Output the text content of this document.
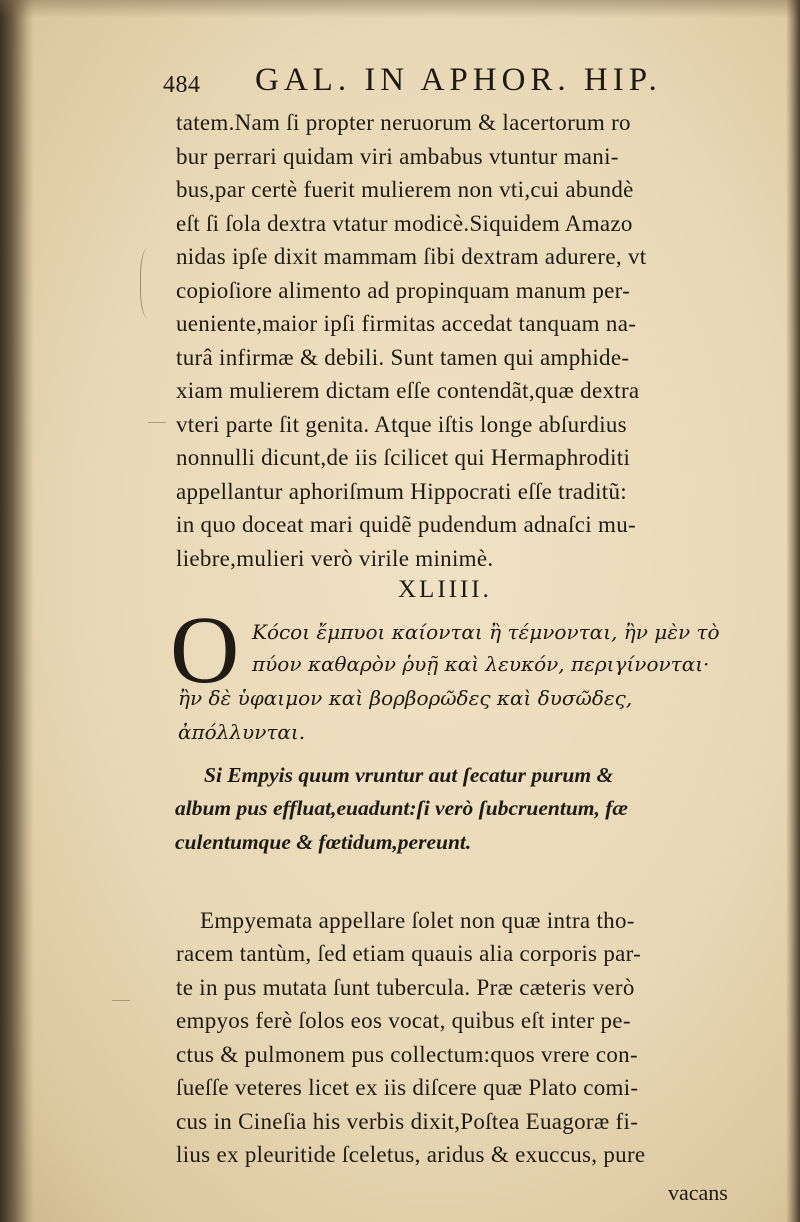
484 GAL. IN APHOR. HIP.
tatem.Nam ſi propter neruorum & lacertorum ro
bur perrari quidam viri ambabus vtuntur mani-
bus,par certè fuerit mulierem non vti,cui abundè
eſt ſi ſola dextra vtatur modicè.Siquidem Amazo
nidas ipſe dixit mammam ſibi dextram adurere, vt
copioſiore alimento ad propinquam manum per-
ueniente,maior ipſi firmitas accedat tanquam na-
turâ infirmæ & debili. Sunt tamen qui amphide-
xiam mulierem dictam eſſe contendãt,quæ dextra
vteri parte ſit genita. Atque iſtis longe abſurdius
nonnulli dicunt,de iis ſcilicet qui Hermaphroditi
appellantur aphoriſmum Hippocrati eſſe traditũ:
in quo doceat mari quidẽ pudendum adnaſci mu-
liebre,mulieri verò virile minimè.
XLIIII.
O Κόϲοι ἔμπυοι καίονται ἢ τέμνονται, ἢν μὲν τὸ
πύον καθαρὸν ῥυῇ καὶ λευκόν, περιγίνονται·
ἢν δὲ ὑφαιμον καὶ βορβορῶδες καὶ δυσῶδες,
ἀπόλλυνται.
Si Empyis quum vruntur aut ſecatur purum &
album pus effluat,euadunt:ſi verò ſubcruentum, fæ
culentumque & fœtidum,pereunt.
Empyemata appellare ſolet non quæ intra tho-
racem tantùm, ſed etiam quauis alia corporis par-
te in pus mutata ſunt tubercula. Præ cæteris verò
empyos ferè ſolos eos vocat, quibus eſt inter pe-
ctus & pulmonem pus collectum:quos vrere con-
ſueſſe veteres licet ex iis diſcere quæ Plato comi-
cus in Cineſia his verbis dixit,Poſtea Euagoræ fi-
lius ex pleuritide ſceletus, aridus & exuccus, pure
vacans
